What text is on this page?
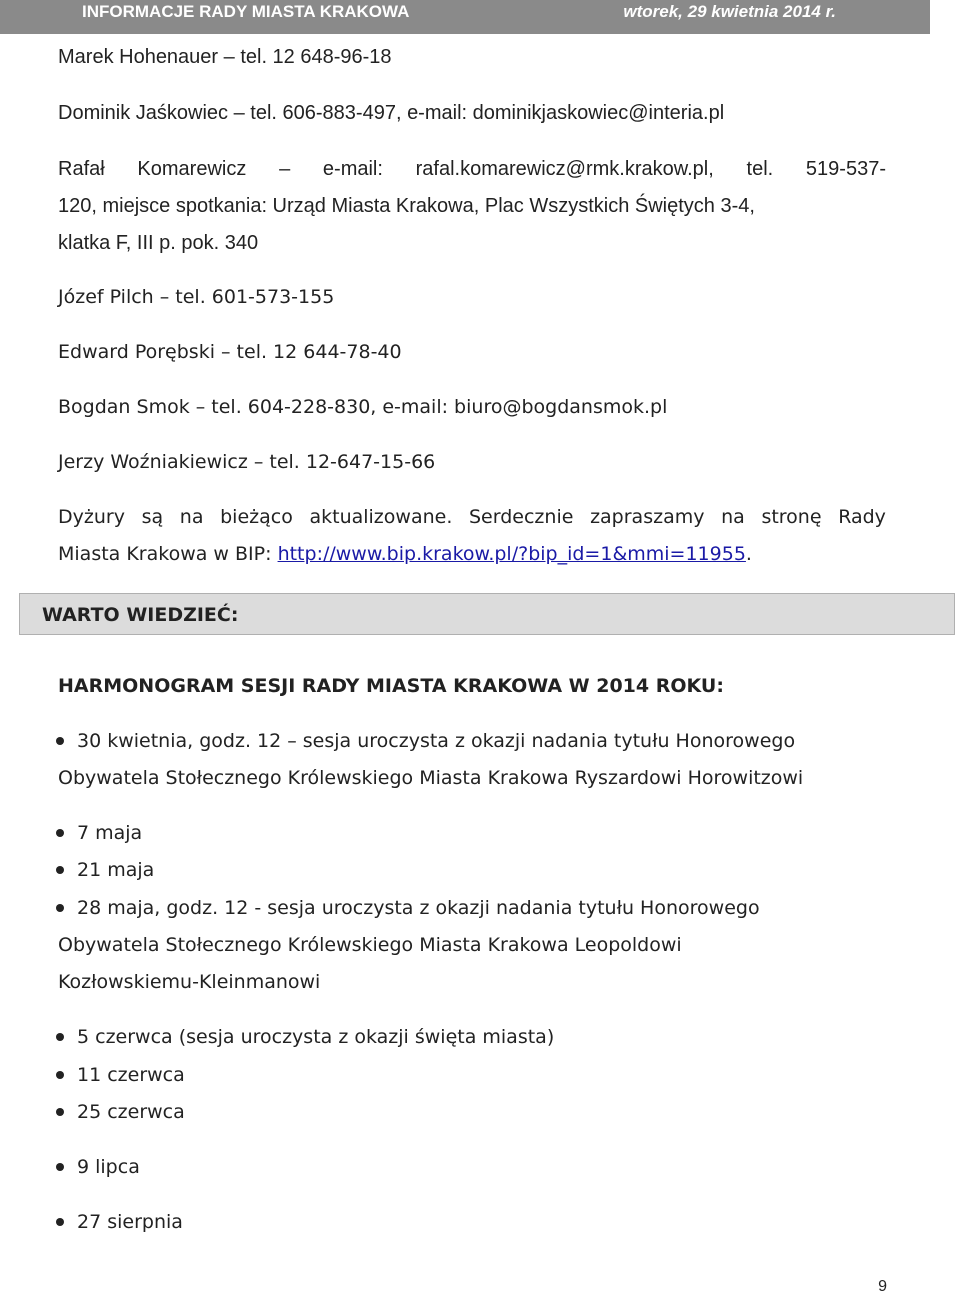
INFORMACJE RADY MIASTA KRAKOWA	wtorek, 29 kwietnia 2014 r.
Marek Hohenauer – tel. 12 648-96-18
Dominik Jaśkowiec – tel. 606-883-497, e-mail: dominikjaskowiec@interia.pl
Rafał Komarewicz – e-mail: rafal.komarewicz@rmk.krakow.pl, tel. 519-537-
120, miejsce spotkania: Urząd Miasta Krakowa, Plac Wszystkich Świętych 3-4,
klatka F, III p. pok. 340
Józef Pilch – tel. 601-573-155
Edward Porębski – tel. 12 644-78-40
Bogdan Smok – tel. 604-228-830, e-mail: biuro@bogdansmok.pl
Jerzy Woźniakiewicz – tel. 12-647-15-66
Dyżury są na bieżąco aktualizowane. Serdecznie zapraszamy na stronę Rady
Miasta Krakowa w BIP: http://www.bip.krakow.pl/?bip_id=1&mmi=11955.
WARTO WIEDZIEĆ:
HARMONOGRAM SESJI RADY MIASTA KRAKOWA W 2014 ROKU:
30 kwietnia, godz. 12 – sesja uroczysta z okazji nadania tytułu Honorowego
Obywatela Stołecznego Królewskiego Miasta Krakowa Ryszardowi Horowitzowi
7 maja
21 maja
28 maja, godz. 12 - sesja uroczysta z okazji nadania tytułu Honorowego
Obywatela Stołecznego Królewskiego Miasta Krakowa Leopoldowi
Kozłowskiemu-Kleinmanowi
5 czerwca (sesja uroczysta z okazji święta miasta)
11 czerwca
25 czerwca
9 lipca
27 sierpnia
9
